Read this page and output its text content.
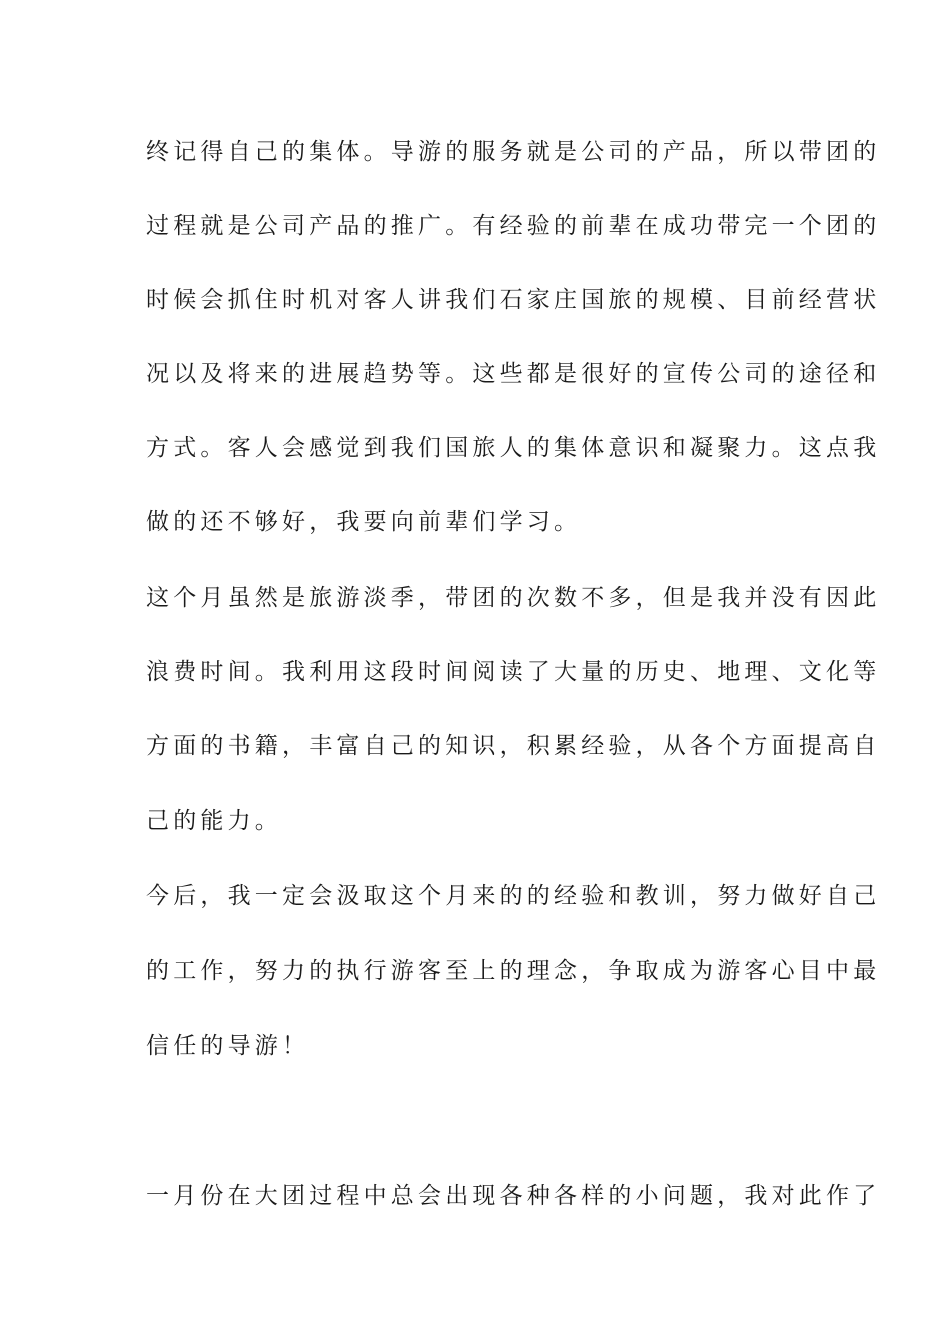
终记得自己的集体。导游的服务就是公司的产品，所以带团的
过程就是公司产品的推广。有经验的前辈在成功带完一个团的
时候会抓住时机对客人讲我们石家庄国旅的规模、目前经营状
况以及将来的进展趋势等。这些都是很好的宣传公司的途径和
方式。客人会感觉到我们国旅人的集体意识和凝聚力。这点我
做的还不够好，我要向前辈们学习。
这个月虽然是旅游淡季，带团的次数不多，但是我并没有因此
浪费时间。我利用这段时间阅读了大量的历史、地理、文化等
方面的书籍，丰富自己的知识，积累经验，从各个方面提高自
己的能力。
今后，我一定会汲取这个月来的的经验和教训，努力做好自己
的工作，努力的执行游客至上的理念，争取成为游客心目中最
信任的导游！
一月份在大团过程中总会出现各种各样的小问题，我对此作了
